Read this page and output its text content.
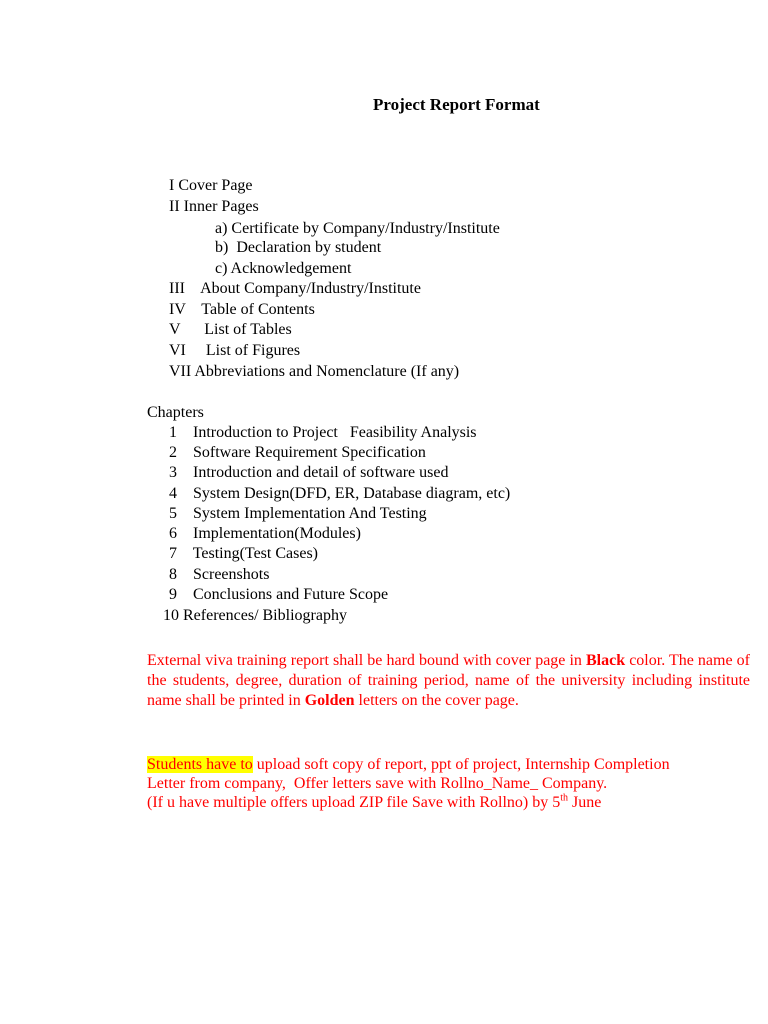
Project Report Format
I Cover Page
II Inner Pages
a) Certificate by Company/Industry/Institute
b)  Declaration by student
c) Acknowledgement
III    About Company/Industry/Institute
IV    Table of Contents
V      List of Tables
VI     List of Figures
VII Abbreviations and Nomenclature (If any)
Chapters
1    Introduction to Project   Feasibility Analysis
2    Software Requirement Specification
3    Introduction and detail of software used
4    System Design(DFD, ER, Database diagram, etc)
5    System Implementation And Testing
6    Implementation(Modules)
7    Testing(Test Cases)
8    Screenshots
9    Conclusions and Future Scope
10 References/ Bibliography

External viva training report shall be hard bound with cover page in Black color. The name of the students, degree, duration of training period, name of the university including institute name shall be printed in Golden letters on the cover page.

Students have to upload soft copy of report, ppt of project, Internship Completion
Letter from company,  Offer letters save with Rollno_Name_ Company.
(If u have multiple offers upload ZIP file Save with Rollno) by 5th June
